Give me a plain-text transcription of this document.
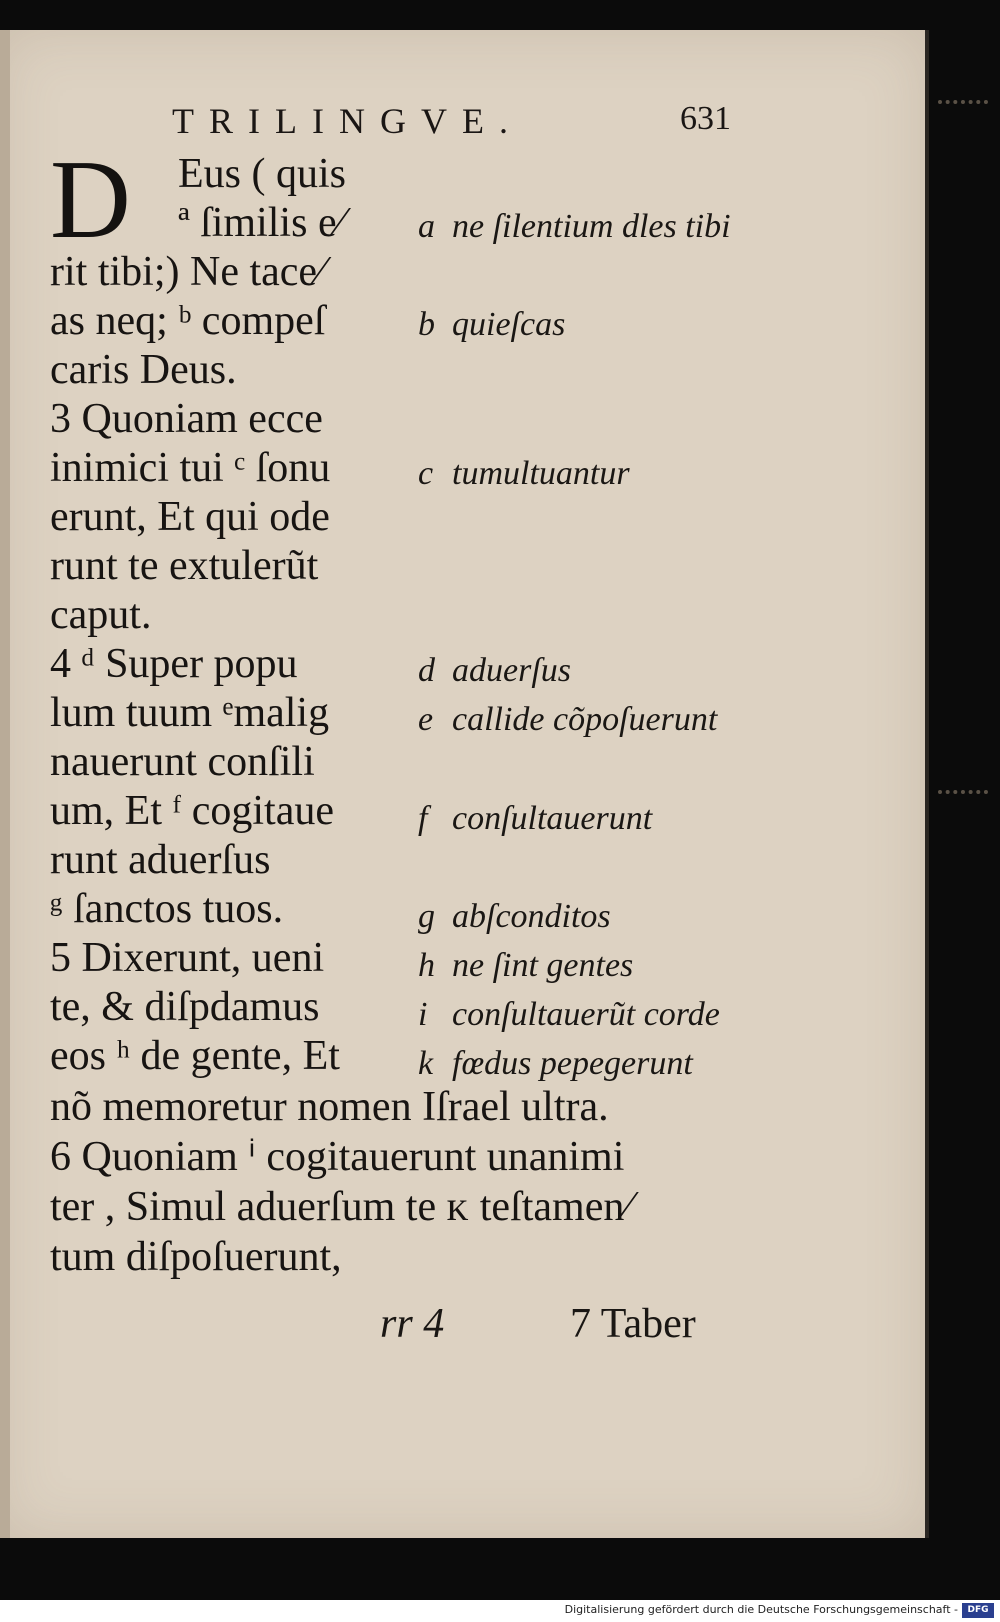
TRILINGVE.	631
D	Eus ( quis
ª ſimilis e⁄
rit tibi;) Ne tace⁄
as neq; ᵇ compeſ
caris Deus.
3 Quoniam ecce
inimici tui ᶜ ſonu
erunt, Et qui ode
runt te extulerũt
caput.
4 ᵈ Super popu
lum tuum ᵉmalig
nauerunt conſili
um, Et ᶠ cogitaue
runt aduerſus
ᵍ ſanctos tuos.
5 Dixerunt, ueni
te, & diſpdamus
eos ʰ de gente, Et
a ne ſilentium dles tibi
b quieſcas
c tumultuantur
d aduerſus
e callide cõpoſuerunt
f conſultauerunt
g abſconditos
h ne ſint gentes
i conſultauerũt corde
k fœdus pepegerunt
nõ memoretur nomen Iſrael ultra.
6 Quoniam ⁱ cogitauerunt unanimi
ter , Simul aduerſum te ᴋ teſtamen⁄
tum diſpoſuerunt,
rr 4	7 Taber
Digitalisierung gefördert durch die Deutsche Forschungsgemeinschaft -	DFG
